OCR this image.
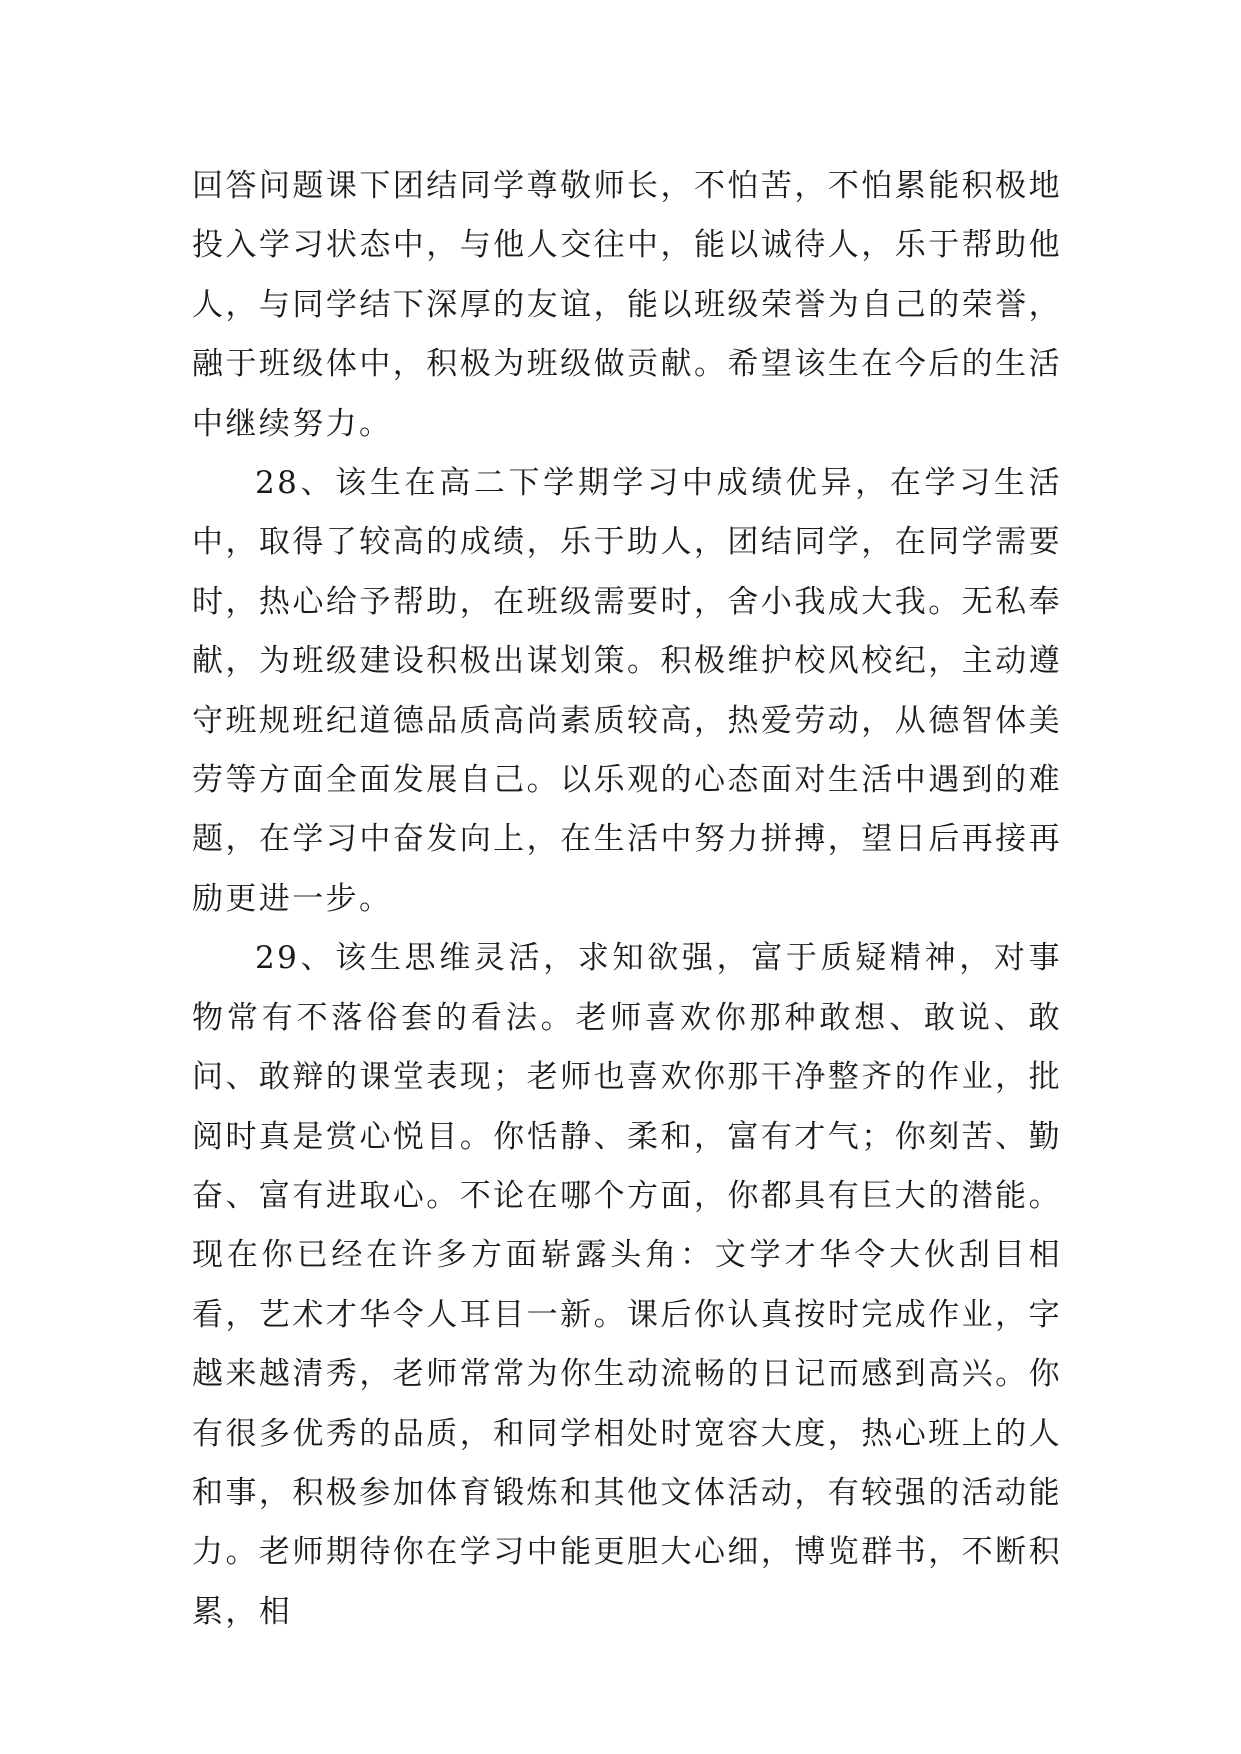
回答问题课下团结同学尊敬师长，不怕苦，不怕累能积极地投入学习状态中，与他人交往中，能以诚待人，乐于帮助他人，与同学结下深厚的友谊，能以班级荣誉为自己的荣誉，融于班级体中，积极为班级做贡献。希望该生在今后的生活中继续努力。

28、该生在高二下学期学习中成绩优异，在学习生活中，取得了较高的成绩，乐于助人，团结同学，在同学需要时，热心给予帮助，在班级需要时，舍小我成大我。无私奉献，为班级建设积极出谋划策。积极维护校风校纪，主动遵守班规班纪道德品质高尚素质较高，热爱劳动，从德智体美劳等方面全面发展自己。以乐观的心态面对生活中遇到的难题，在学习中奋发向上，在生活中努力拼搏，望日后再接再励更进一步。

29、该生思维灵活，求知欲强，富于质疑精神，对事物常有不落俗套的看法。老师喜欢你那种敢想、敢说、敢问、敢辩的课堂表现；老师也喜欢你那干净整齐的作业，批阅时真是赏心悦目。你恬静、柔和，富有才气；你刻苦、勤奋、富有进取心。不论在哪个方面，你都具有巨大的潜能。现在你已经在许多方面崭露头角：文学才华令大伙刮目相看，艺术才华令人耳目一新。课后你认真按时完成作业，字越来越清秀，老师常常为你生动流畅的日记而感到高兴。你有很多优秀的品质，和同学相处时宽容大度，热心班上的人和事，积极参加体育锻炼和其他文体活动，有较强的活动能力。老师期待你在学习中能更胆大心细，博览群书，不断积累，相
